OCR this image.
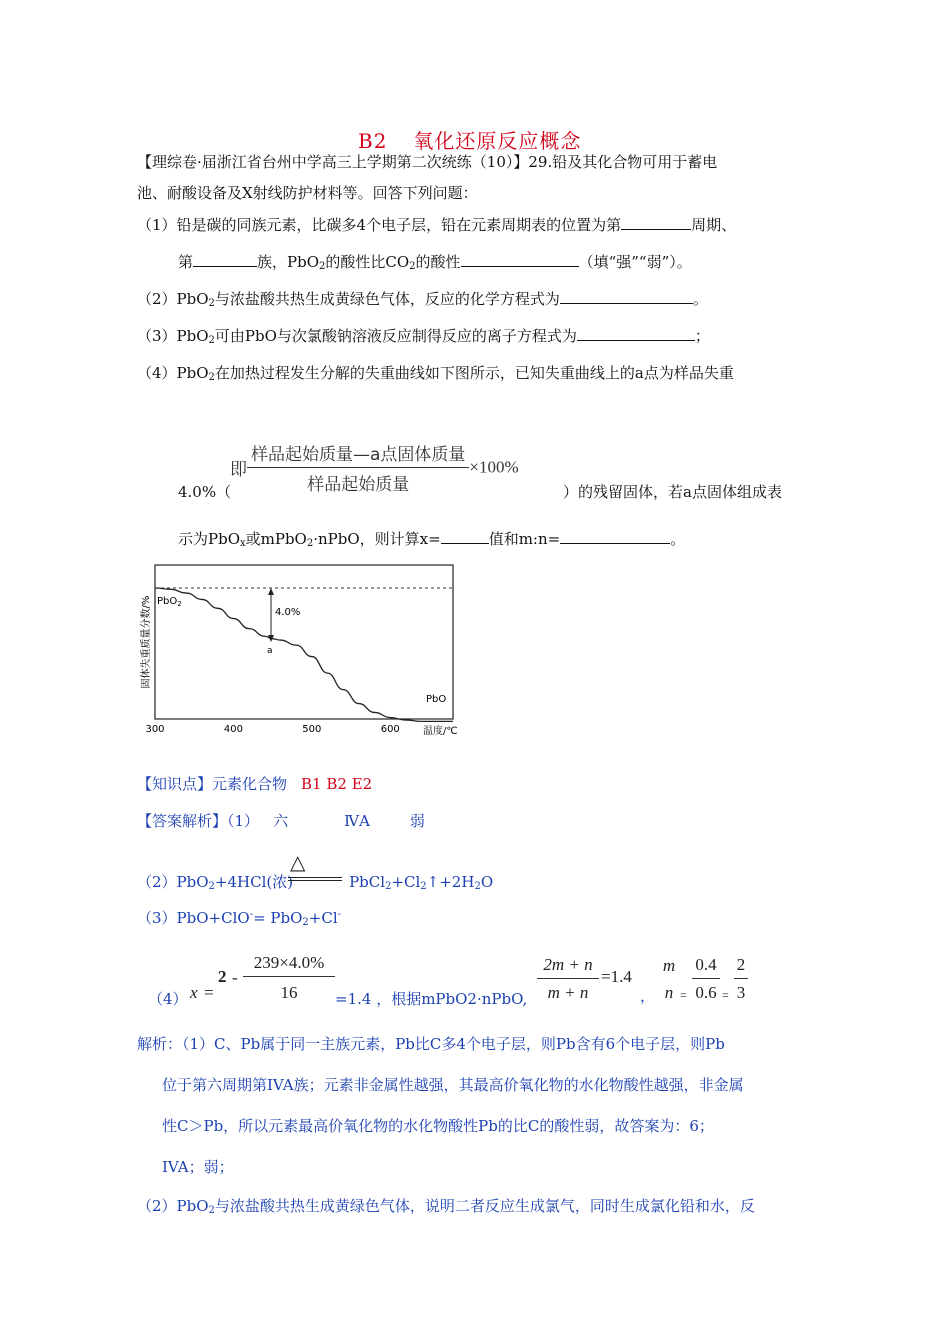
B2 氧化还原反应概念
【理综卷·届浙江省台州中学高三上学期第二次统练（10）】29.铅及其化合物可用于蓄电
池、耐酸设备及X射线防护材料等。回答下列问题：
（1）铅是碳的同族元素，比碳多4个电子层，铅在元素周期表的位置为第	周期、
第	族，PbO$_2$的酸性比$CO_2$的酸性	（填“强”“弱”）。
（2）PbO$_2$与浓盐酸共热生成黄绿色气体，反应的化学方程式为	。
（3）PbO$_2$可由PbO与次氯酸钠溶液反应制得反应的离子方程式为	；
（4）PbO$_2$在加热过程发生分解的失重曲线如下图所示，已知失重曲线上的a点为样品失重
即 $\frac{\text{样品起始质量—a点固体质量}}{\text{样品起始质量}} \times 100\%$
4.0%（	）的残留固体，若a点固体组成表
示为PbO$_x$或mPbO$_2$·nPbO，则计算x=	值和m:n=	。
4.0%
PbO$_2$
a
PbO
300	400	500	600 温度/℃
固体失重质量分数/%
【知识点】元素化合物 B1 B2 E2
【答案解析】（1） 六	ⅣA	弱
（2）PbO$_2$+4HCl(浓)	$PbCl_2+Cl_2↑+2H_2O$
△
（3）PbO+ClO-= PbO$_2$+Cl-
（4） x =
2 -
239×4.0%
16	=1.4 ，根据mPbO2·nPbO,
2m + n
m + n
=1.4
，
m
n =
0.4
0.6 =
2
3
解析：（1）C、Pb属于同一主族元素，Pb比C多4个电子层，则Pb含有6个电子层，则Pb
位于第六周期第IVA族；元素非金属性越强，其最高价氧化物的水化物酸性越强，非金属
性C＞Pb，所以元素最高价氧化物的水化物酸性Pb的比C的酸性弱，故答案为：6；
IVA；弱；
（2）PbO$_2$与浓盐酸共热生成黄绿色气体，说明二者反应生成氯气，同时生成氯化铅和水，反
